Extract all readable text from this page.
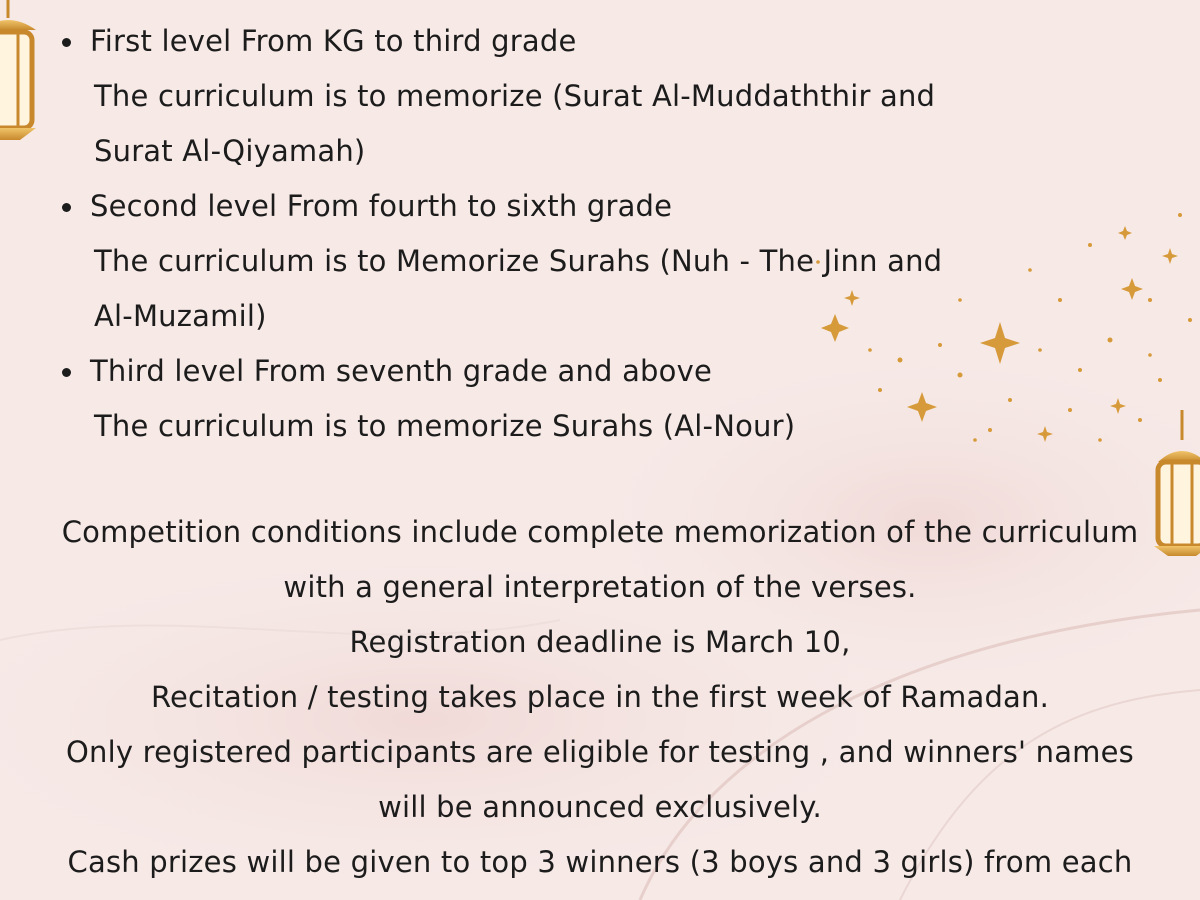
First level From KG to third grade
The curriculum is to memorize (Surat Al-Muddaththir and
Surat Al-Qiyamah)
Second level From fourth to sixth grade
The curriculum is to Memorize Surahs (Nuh - The Jinn and
Al-Muzamil)
Third level From seventh grade and above
The curriculum is to memorize Surahs (Al-Nour)
Competition conditions include complete memorization of the curriculum
with a general interpretation of the verses.
Registration deadline is March 10,
Recitation / testing takes place in the first week of Ramadan.
Only registered participants are eligible for testing , and winners' names
will be announced exclusively.
Cash prizes will be given to top 3 winners (3 boys and 3 girls) from each
